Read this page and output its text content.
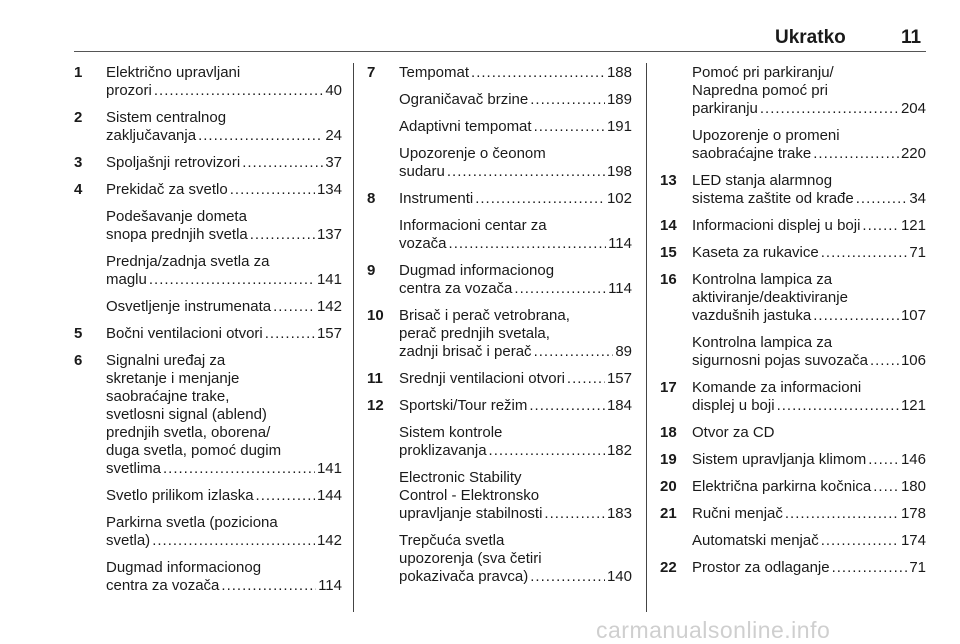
Ukratko	11
1 Električno upravljani
prozori .....	40
2 Sistem centralnog
zaključavanja .....	24
3 Spoljašnji retrovizori .....	37
4 Prekidač za svetlo .....	134
Podešavanje dometa
snopa prednjih svetla .....	137
Prednja/zadnja svetla za
maglu .....	141
Osvetljenje instrumenata .....	142
5 Bočni ventilacioni otvori .....	157
6 Signalni uređaj za
skretanje i menjanje
saobraćajne trake,
svetlosni signal (ablend)
prednjih svetla, oborena/
duga svetla, pomoć dugim
svetlima .....	141
Svetlo prilikom izlaska .....	144
Parkirna svetla (poziciona
svetla) .....	142
Dugmad informacionog
centra za vozača .....	114
7 Tempomat .....	188
Ograničavač brzine .....	189
Adaptivni tempomat .....	191
Upozorenje o čeonom
sudaru .....	198
8 Instrumenti .....	102
Informacioni centar za
vozača .....	114
9 Dugmad informacionog
centra za vozača .....	114
10 Brisač i perač vetrobrana,
perač prednjih svetala,
zadnji brisač i perač .....	89
11 Srednji ventilacioni otvori .....	157
12 Sportski/Tour režim .....	184
Sistem kontrole
proklizavanja .....	182
Electronic Stability
Control - Elektronsko
upravljanje stabilnosti .....	183
Trepčuća svetla
upozorenja (sva četiri
pokazivača pravca) .....	140
Pomoć pri parkiranju/
Napredna pomoć pri
parkiranju .....	204
Upozorenje o promeni
saobraćajne trake .....	220
13 LED stanja alarmnog
sistema zaštite od krađe .....	34
14 Informacioni displej u boji .....	121
15 Kaseta za rukavice .....	71
16 Kontrolna lampica za
aktiviranje/deaktiviranje
vazdušnih jastuka .....	107
Kontrolna lampica za
sigurnosni pojas suvozača ..... 106
17 Komande za informacioni
displej u boji .....	121
18 Otvor za CD
19 Sistem upravljanja klimom ..... 146
20 Električna parkirna kočnica ..... 180
21 Ručni menjač .....	178
Automatski menjač .....	174
22 Prostor za odlaganje .....	71
carmanualsonline.info
